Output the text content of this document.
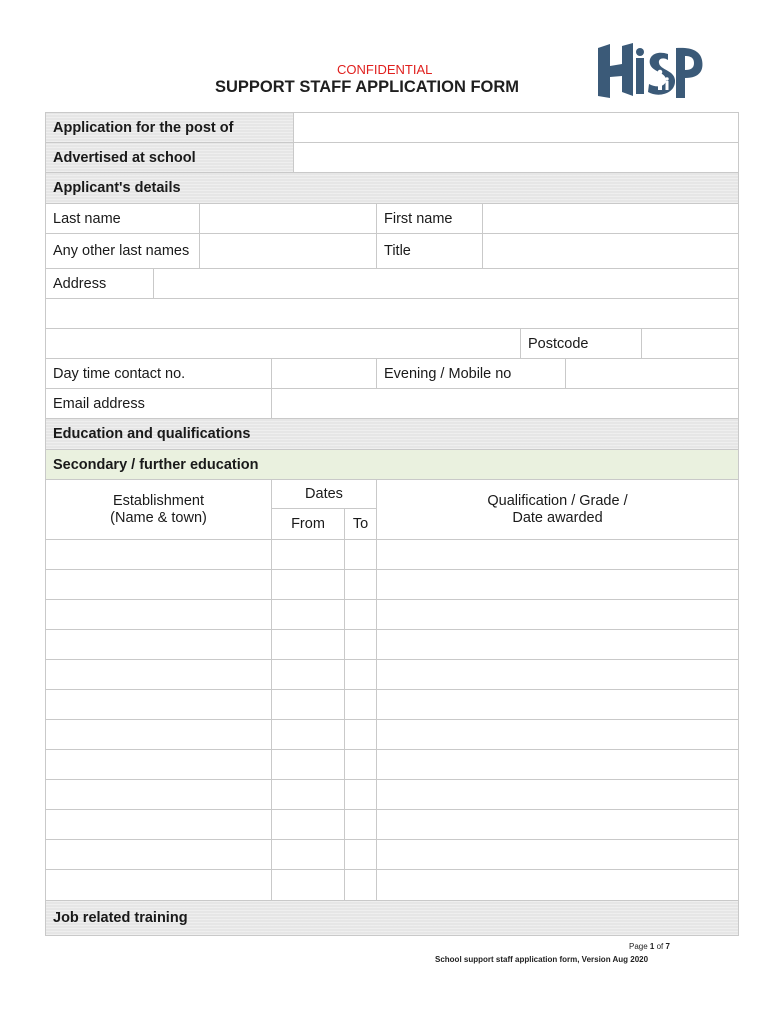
CONFIDENTIAL
SUPPORT STAFF APPLICATION FORM
Application for the post of
Advertised at school
Applicant's details
Last name	First name
Any other last names	Title
Address
Postcode
Day time contact no.	Evening / Mobile no
Email address
Education and qualifications
Secondary / further education
Establishment
(Name & town)
Dates
From	To
Qualification / Grade /
Date awarded
Job related training
Page 1 of 7
School support staff application form, Version Aug 2020
